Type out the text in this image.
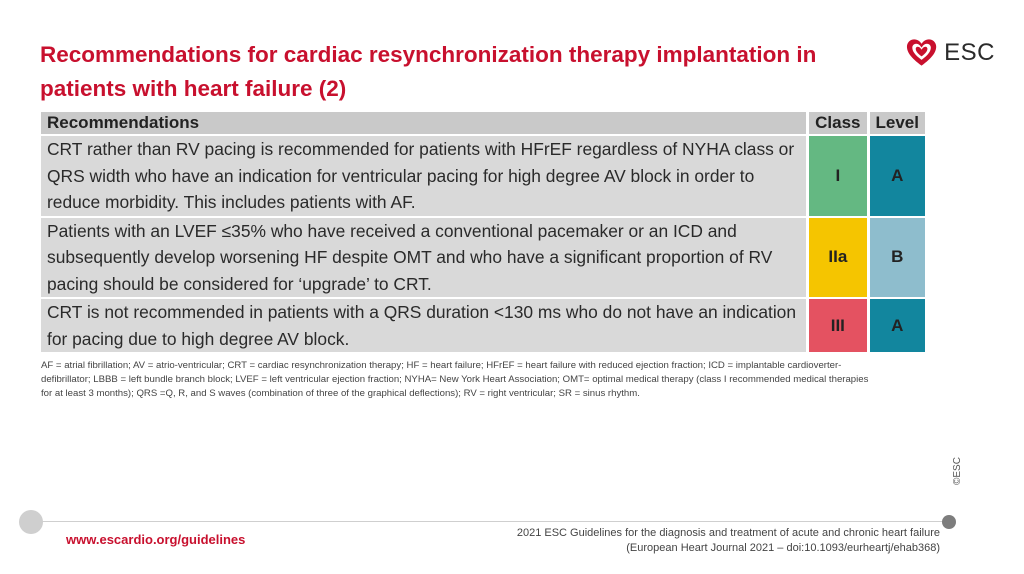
Recommendations for cardiac resynchronization therapy implantation in patients with heart failure (2)
ESC
Recommendations	Class	Level
CRT rather than RV pacing is recommended for patients with HFrEF regardless of NYHA class or QRS width who have an indication for ventricular pacing for high degree AV block in order to reduce morbidity. This includes patients with AF.	I	A
Patients with an LVEF ≤35% who have received a conventional pacemaker or an ICD and subsequently develop worsening HF despite OMT and who have a significant proportion of RV pacing should be considered for ‘upgrade’ to CRT.	IIa	B
CRT is not recommended in patients with a QRS duration <130 ms who do not have an indication for pacing due to high degree AV block.	III	A
AF = atrial fibrillation; AV = atrio-ventricular; CRT = cardiac resynchronization therapy; HF = heart failure; HFrEF = heart failure with reduced ejection fraction; ICD = implantable cardioverter-defibrillator; LBBB = left bundle branch block; LVEF = left ventricular ejection fraction; NYHA= New York Heart Association; OMT= optimal medical therapy (class I recommended medical therapies for at least 3 months); QRS =Q, R, and S waves (combination of three of the graphical deflections); RV = right ventricular; SR = sinus rhythm.
www.escardio.org/guidelines	2021 ESC Guidelines for the diagnosis and treatment of acute and chronic heart failure
(European Heart Journal 2021 – doi:10.1093/eurheartj/ehab368)
©ESC
